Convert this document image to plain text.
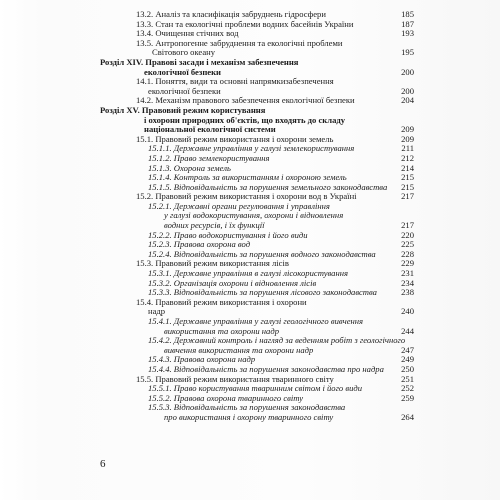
13.2. Аналіз та класифікація забруднень гідросфери	185
13.3. Стан та екологічні проблеми водних басейнів України	187
13.4. Очищення стічних вод	193
13.5. Антропогенне забруднення та екологічні проблеми
Світового океану	195
Розділ XIV. Правові засади і механізм забезпечення
екологічної безпеки	200
14.1. Поняття, види та основні напрямкизабезпечення
екологічної безпеки	200
14.2. Механізм правового забезпечення екологічної безпеки	204
Розділ XV. Правовий режим користування
і охорони природних об'єктів, що входять до складу
національної екологічної системи	209
15.1. Правовий режим використання і охорони земель	209
15.1.1. Державне управління у галузі землекористування	211
15.1.2. Право землекористування	212
15.1.3. Охорона земель	214
15.1.4. Контроль за використанням і охороною земель	215
15.1.5. Відповідальність за порушення земельного законодавства 215
15.2. Правовий режим використання і охорони вод в Україні	217
15.2.1. Державні органи регулювання і управління
у галузі водокористування, охорони і відновлення
водних ресурсів, і їх функції	217
15.2.2. Право водокористування і його види	220
15.2.3. Правова охорона вод	225
15.2.4. Відповідальність за порушення водного законодавства	228
15.3. Правовий режим використання лісів	229
15.3.1. Державне управління в галузі лісокористування	231
15.3.2. Організація охорони і відновлення лісів	234
15.3.3. Відповідальність за порушення лісового законодавства	238
15.4. Правовий режим використання і охорони
надр	240
15.4.1. Державне управління у галузі геологічного вивчення
використання та охорони надр	244
15.4.2. Державний контроль і нагляд за веденням робіт з геологічного
вивчення використання та охорони надр	247
15.4.3. Правова охорона надр	249
15.4.4. Відповідальність за порушення законодавства про надра 250
15.5. Правовий режим використання тваринного світу	251
15.5.1. Право користування тваринним світом і його види	252
15.5.2. Правова охорона тваринного світу	259
15.5.3. Відповідальність за порушення законодавства
про використання і охорону тваринного світу	264
6
